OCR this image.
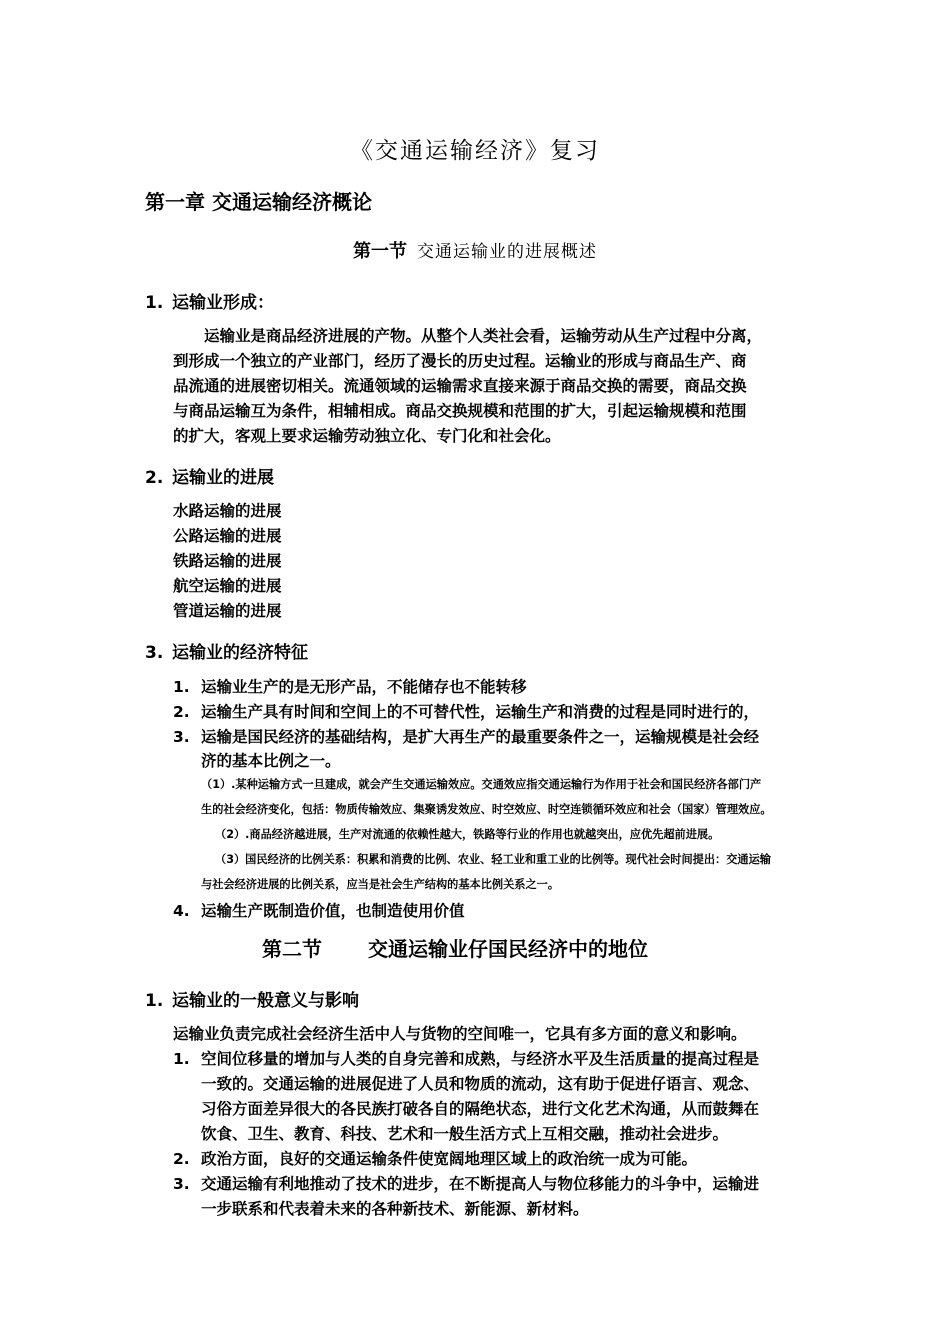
《交通运输经济》复习
第一章 交通运输经济概论
第一节 交通运输业的进展概述
1. 运输业形成：
　　运输业是商品经济进展的产物。从整个人类社会看，运输劳动从生产过程中分离，
到形成一个独立的产业部门，经历了漫长的历史过程。运输业的形成与商品生产、商
品流通的进展密切相关。流通领域的运输需求直接来源于商品交换的需要，商品交换
与商品运输互为条件，相辅相成。商品交换规模和范围的扩大，引起运输规模和范围
的扩大，客观上要求运输劳动独立化、专门化和社会化。
2. 运输业的进展
水路运输的进展
公路运输的进展
铁路运输的进展
航空运输的进展
管道运输的进展
3. 运输业的经济特征
1. 运输业生产的是无形产品，不能储存也不能转移
2. 运输生产具有时间和空间上的不可替代性，运输生产和消费的过程是同时进行的，
3. 运输是国民经济的基础结构，是扩大再生产的最重要条件之一，运输规模是社会经
济的基本比例之一。
（1）.某种运输方式一旦建成，就会产生交通运输效应。交通效应指交通运输行为作用于社会和国民经济各部门产
生的社会经济变化，包括：物质传输效应、集聚诱发效应、时空效应、时空连锁循环效应和社会（国家）管理效应。
（2）.商品经济越进展，生产对流通的依赖性越大，铁路等行业的作用也就越突出，应优先超前进展。
（3）国民经济的比例关系：积累和消费的比例、农业、轻工业和重工业的比例等。现代社会时间提出：交通运输
与社会经济进展的比例关系，应当是社会生产结构的基本比例关系之一。
4. 运输生产既制造价值，也制造使用价值
第二节 交通运输业仔国民经济中的地位
1. 运输业的一般意义与影响
运输业负责完成社会经济生活中人与货物的空间唯一，它具有多方面的意义和影响。
1. 空间位移量的增加与人类的自身完善和成熟，与经济水平及生活质量的提高过程是
一致的。交通运输的进展促进了人员和物质的流动，这有助于促进仔语言、观念、
习俗方面差异很大的各民族打破各自的隔绝状态，进行文化艺术沟通，从而鼓舞在
饮食、卫生、教育、科技、艺术和一般生活方式上互相交融，推动社会进步。
2. 政治方面，良好的交通运输条件使宽阔地理区域上的政治统一成为可能。
3. 交通运输有利地推动了技术的进步，在不断提高人与物位移能力的斗争中，运输进
一步联系和代表着未来的各种新技术、新能源、新材料。
